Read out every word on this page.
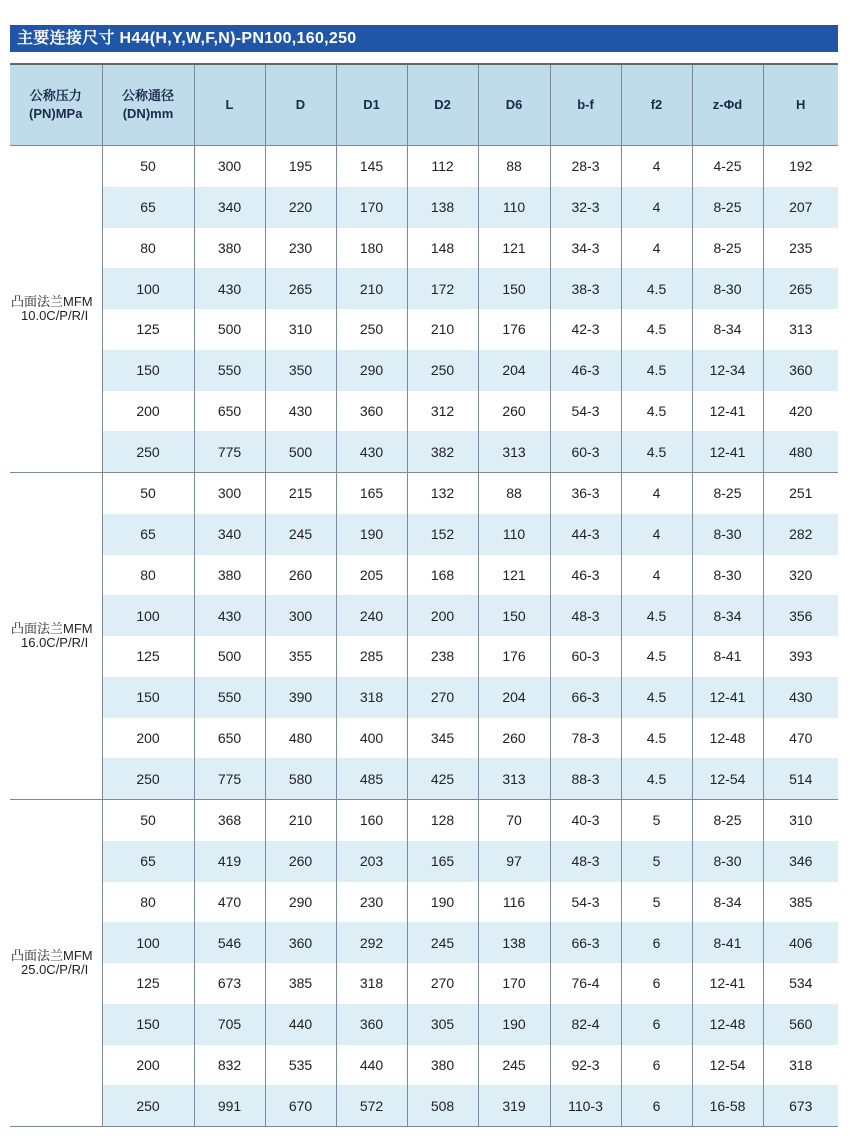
主要连接尺寸 H44(H,Y,W,F,N)-PN100,160,250
公称压力
(PN)MPa	公称通径
(DN)mm	L	D	D1	D2	D6	b-f	f2	z-Φd	H

凸面法兰MFM
10.0C/P/R/I	50	300	195	145	112	88	28-3	4	4-25	192
	65	340	220	170	138	110	32-3	4	8-25	207
	80	380	230	180	148	121	34-3	4	8-25	235
	100	430	265	210	172	150	38-3	4.5	8-30	265
	125	500	310	250	210	176	42-3	4.5	8-34	313
	150	550	350	290	250	204	46-3	4.5	12-34	360
	200	650	430	360	312	260	54-3	4.5	12-41	420
	250	775	500	430	382	313	60-3	4.5	12-41	480

凸面法兰MFM
16.0C/P/R/I	50	300	215	165	132	88	36-3	4	8-25	251
	65	340	245	190	152	110	44-3	4	8-30	282
	80	380	260	205	168	121	46-3	4	8-30	320
	100	430	300	240	200	150	48-3	4.5	8-34	356
	125	500	355	285	238	176	60-3	4.5	8-41	393
	150	550	390	318	270	204	66-3	4.5	12-41	430
	200	650	480	400	345	260	78-3	4.5	12-48	470
	250	775	580	485	425	313	88-3	4.5	12-54	514

凸面法兰MFM
25.0C/P/R/I	50	368	210	160	128	70	40-3	5	8-25	310
	65	419	260	203	165	97	48-3	5	8-30	346
	80	470	290	230	190	116	54-3	5	8-34	385
	100	546	360	292	245	138	66-3	6	8-41	406
	125	673	385	318	270	170	76-4	6	12-41	534
	150	705	440	360	305	190	82-4	6	12-48	560
	200	832	535	440	380	245	92-3	6	12-54	318
	250	991	670	572	508	319	110-3	6	16-58	673
